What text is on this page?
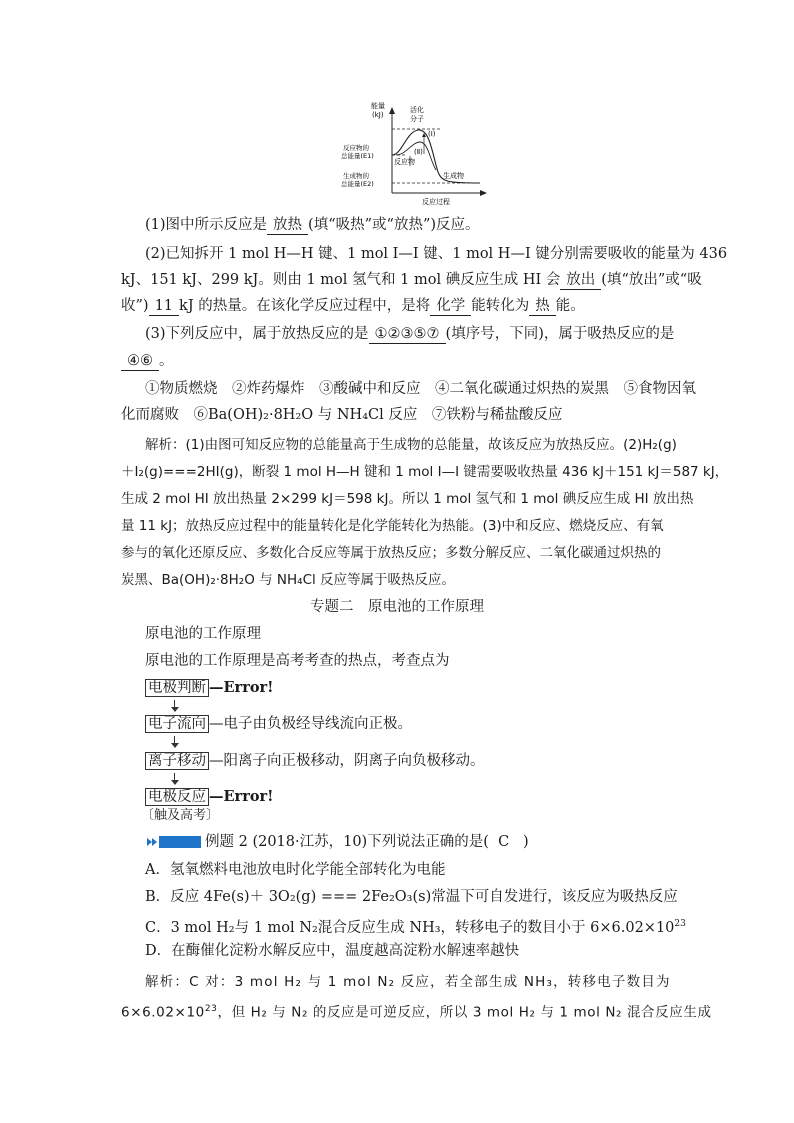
能量
(kJ)
活化
分子
(Ⅰ)
(Ⅱ)
反应物的
总能量(E1)
反应物
生成物的
总能量(E2)
生成物
反应过程
(1)图中所示反应是 放热 (填“吸热”或“放热”)反应。
(2)已知拆开 1 mol H—H 键、1 mol I—I 键、1 mol H—I 键分别需要吸收的能量为 436
kJ、151 kJ、299 kJ。则由 1 mol 氢气和 1 mol 碘反应生成 HI 会 放出 (填“放出”或“吸
收”) 11 kJ 的热量。在该化学反应过程中，是将 化学 能转化为 热 能。
(3)下列反应中，属于放热反应的是 ①②③⑤⑦ (填序号，下同)，属于吸热反应的是
④⑥ 。
①物质燃烧　②炸药爆炸　③酸碱中和反应　④二氧化碳通过炽热的炭黑　⑤食物因氧
化而腐败　⑥Ba(OH)₂·8H₂O 与 NH₄Cl 反应　⑦铁粉与稀盐酸反应
解析：(1)由图可知反应物的总能量高于生成物的总能量，故该反应为放热反应。(2)H₂(g)
＋I₂(g)===2HI(g)，断裂 1 mol H—H 键和 1 mol I—I 键需要吸收热量 436 kJ＋151 kJ＝587 kJ，
生成 2 mol HI 放出热量 2×299 kJ＝598 kJ。所以 1 mol 氢气和 1 mol 碘反应生成 HI 放出热
量 11 kJ；放热反应过程中的能量转化是化学能转化为热能。(3)中和反应、燃烧反应、有氧
参与的氧化还原反应、多数化合反应等属于放热反应；多数分解反应、二氧化碳通过炽热的
炭黑、Ba(OH)₂·8H₂O 与 NH₄Cl 反应等属于吸热反应。
专题二　原电池的工作原理
原电池的工作原理
原电池的工作原理是高考考查的热点，考查点为
电极判断 —Error!
电子流向 —电子由负极经导线流向正极。
离子移动 —阳离子向正极移动，阴离子向负极移动。
电极反应 —Error!
〔触及高考〕
例题 2 (2018·江苏，10)下列说法正确的是( C )
A．氢氧燃料电池放电时化学能全部转化为电能
B．反应 4Fe(s)＋ 3O₂(g) === 2Fe₂O₃(s)常温下可自发进行，该反应为吸热反应
C．3 mol H₂与 1 mol N₂混合反应生成 NH₃，转移电子的数目小于 $6\times 6.02\times 10^{23}$
D．在酶催化淀粉水解反应中，温度越高淀粉水解速率越快
解析：C 对：3 mol H₂ 与 1 mol N₂ 反应，若全部生成 NH₃，转移电子数目为
$6\times 6.02\times 10^{23}$，但 H₂ 与 N₂ 的反应是可逆反应，所以 3 mol H₂ 与 1 mol N₂ 混合反应生成
